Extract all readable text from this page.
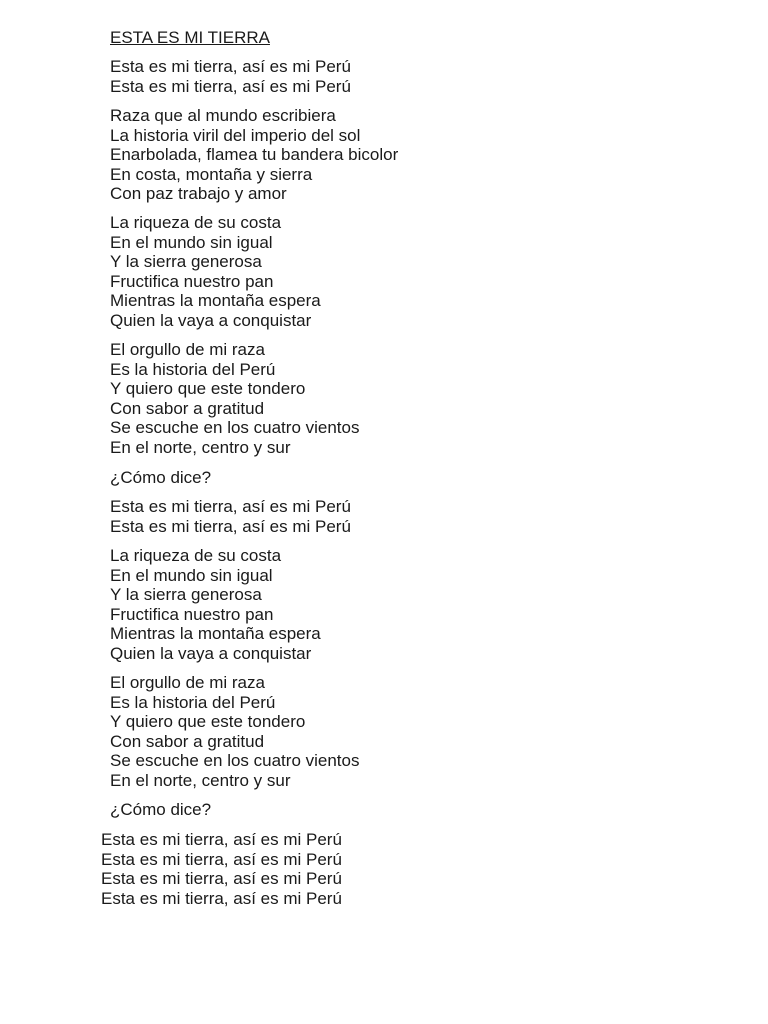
ESTA ES MI TIERRA
Esta es mi tierra, así es mi Perú
Esta es mi tierra, así es mi Perú
Raza que al mundo escribiera
La historia viril del imperio del sol
Enarbolada, flamea tu bandera bicolor
En costa, montaña y sierra
Con paz trabajo y amor
La riqueza de su costa
En el mundo sin igual
Y la sierra generosa
Fructifica nuestro pan
Mientras la montaña espera
Quien la vaya a conquistar
El orgullo de mi raza
Es la historia del Perú
Y quiero que este tondero
Con sabor a gratitud
Se escuche en los cuatro vientos
En el norte, centro y sur
¿Cómo dice?
Esta es mi tierra, así es mi Perú
Esta es mi tierra, así es mi Perú
La riqueza de su costa
En el mundo sin igual
Y la sierra generosa
Fructifica nuestro pan
Mientras la montaña espera
Quien la vaya a conquistar
El orgullo de mi raza
Es la historia del Perú
Y quiero que este tondero
Con sabor a gratitud
Se escuche en los cuatro vientos
En el norte, centro y sur
¿Cómo dice?
Esta es mi tierra, así es mi Perú
Esta es mi tierra, así es mi Perú
Esta es mi tierra, así es mi Perú
Esta es mi tierra, así es mi Perú
